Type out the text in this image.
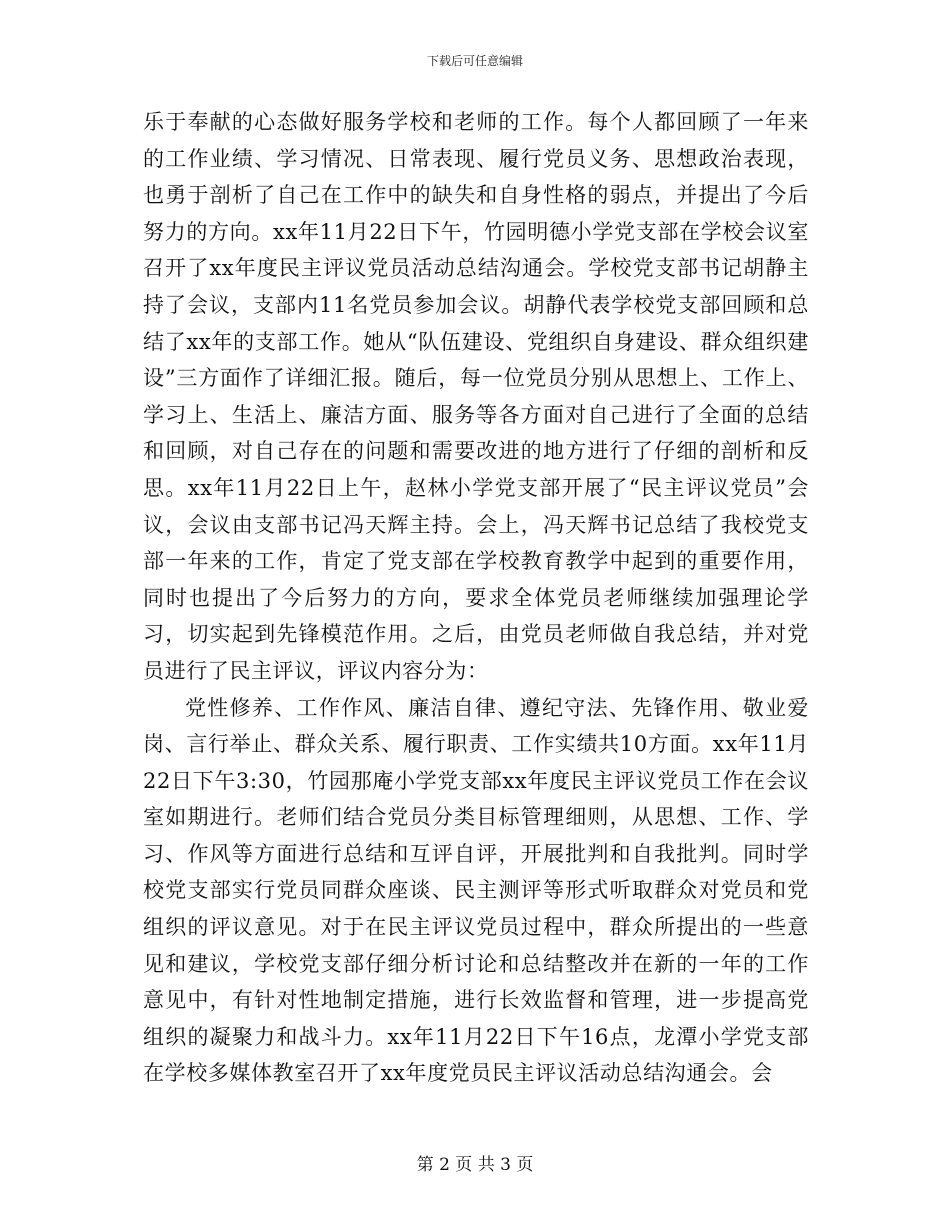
下载后可任意编辑

乐于奉献的心态做好服务学校和老师的工作。每个人都回顾了一年来的工作业绩、学习情况、日常表现、履行党员义务、思想政治表现，也勇于剖析了自己在工作中的缺失和自身性格的弱点，并提出了今后努力的方向。xx年11月22日下午，竹园明德小学党支部在学校会议室召开了xx年度民主评议党员活动总结沟通会。学校党支部书记胡静主持了会议，支部内11名党员参加会议。胡静代表学校党支部回顾和总结了xx年的支部工作。她从“队伍建设、党组织自身建设、群众组织建设”三方面作了详细汇报。随后，每一位党员分别从思想上、工作上、学习上、生活上、廉洁方面、服务等各方面对自己进行了全面的总结和回顾，对自己存在的问题和需要改进的地方进行了仔细的剖析和反思。xx年11月22日上午，赵林小学党支部开展了“民主评议党员”会议，会议由支部书记冯天辉主持。会上，冯天辉书记总结了我校党支部一年来的工作，肯定了党支部在学校教育教学中起到的重要作用，同时也提出了今后努力的方向，要求全体党员老师继续加强理论学习，切实起到先锋模范作用。之后，由党员老师做自我总结，并对党员进行了民主评议，评议内容分为：

党性修养、工作作风、廉洁自律、遵纪守法、先锋作用、敬业爱岗、言行举止、群众关系、履行职责、工作实绩共10方面。xx年11月22日下午3:30，竹园那庵小学党支部xx年度民主评议党员工作在会议室如期进行。老师们结合党员分类目标管理细则，从思想、工作、学习、作风等方面进行总结和互评自评，开展批判和自我批判。同时学校党支部实行党员同群众座谈、民主测评等形式听取群众对党员和党组织的评议意见。对于在民主评议党员过程中，群众所提出的一些意见和建议，学校党支部仔细分析讨论和总结整改并在新的一年的工作意见中，有针对性地制定措施，进行长效监督和管理，进一步提高党组织的凝聚力和战斗力。xx年11月22日下午16点，龙潭小学党支部在学校多媒体教室召开了xx年度党员民主评议活动总结沟通会。会

第 2 页 共 3 页
